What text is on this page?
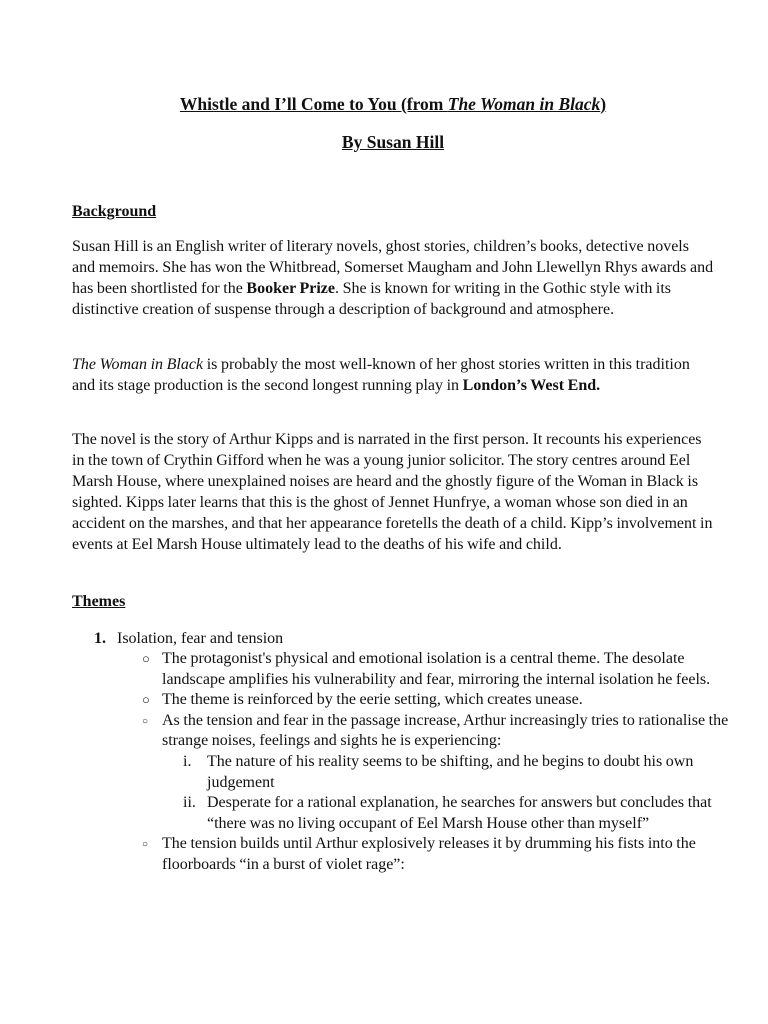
Whistle and I’ll Come to You (from The Woman in Black)

By Susan Hill

Background

Susan Hill is an English writer of literary novels, ghost stories, children’s books, detective novels and memoirs. She has won the Whitbread, Somerset Maugham and John Llewellyn Rhys awards and has been shortlisted for the Booker Prize. She is known for writing in the Gothic style with its distinctive creation of suspense through a description of background and atmosphere.

The Woman in Black is probably the most well-known of her ghost stories written in this tradition and its stage production is the second longest running play in London’s West End.

The novel is the story of Arthur Kipps and is narrated in the first person. It recounts his experiences in the town of Crythin Gifford when he was a young junior solicitor. The story centres around Eel Marsh House, where unexplained noises are heard and the ghostly figure of the Woman in Black is sighted. Kipps later learns that this is the ghost of Jennet Hunfrye, a woman whose son died in an accident on the marshes, and that her appearance foretells the death of a child. Kipp’s involvement in events at Eel Marsh House ultimately lead to the deaths of his wife and child.

Themes
1. Isolation, fear and tension
○ The protagonist's physical and emotional isolation is a central theme. The desolate landscape amplifies his vulnerability and fear, mirroring the internal isolation he feels.
○ The theme is reinforced by the eerie setting, which creates unease.
○ As the tension and fear in the passage increase, Arthur increasingly tries to rationalise the strange noises, feelings and sights he is experiencing:
i. The nature of his reality seems to be shifting, and he begins to doubt his own judgement
ii. Desperate for a rational explanation, he searches for answers but concludes that “there was no living occupant of Eel Marsh House other than myself”
○ The tension builds until Arthur explosively releases it by drumming his fists into the floorboards “in a burst of violet rage”:
